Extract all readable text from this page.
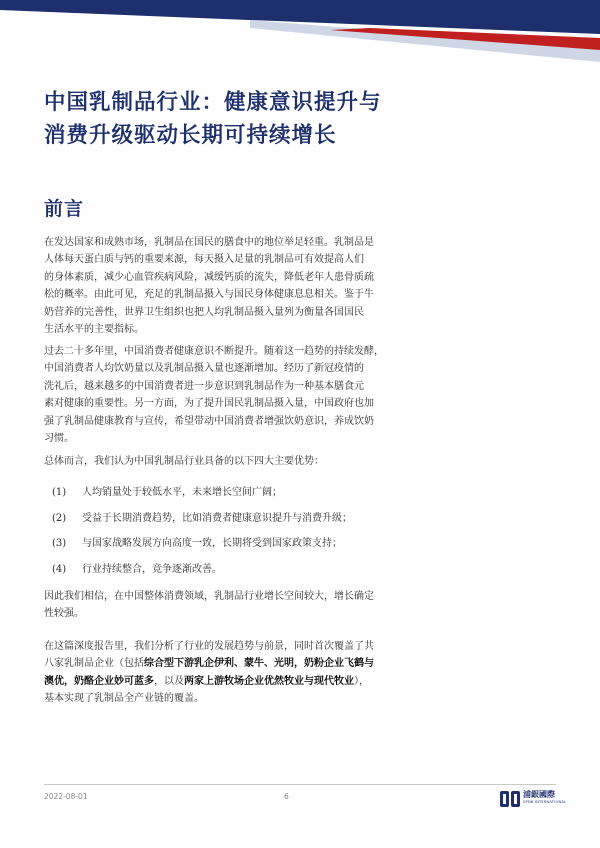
中国乳制品行业：健康意识提升与
消费升级驱动长期可持续增长
前言
在发达国家和成熟市场，乳制品在国民的膳食中的地位举足轻重。乳制品是
人体每天蛋白质与钙的重要来源，每天摄入足量的乳制品可有效提高人们
的身体素质，减少心血管疾病风险，减缓钙质的流失，降低老年人患骨质疏
松的概率。由此可见，充足的乳制品摄入与国民身体健康息息相关。鉴于牛
奶营养的完善性，世界卫生组织也把人均乳制品摄入量列为衡量各国国民
生活水平的主要指标。
过去二十多年里，中国消费者健康意识不断提升。随着这一趋势的持续发酵，
中国消费者人均饮奶量以及乳制品摄入量也逐渐增加。经历了新冠疫情的
洗礼后，越来越多的中国消费者进一步意识到乳制品作为一种基本膳食元
素对健康的重要性。另一方面，为了提升国民乳制品摄入量，中国政府也加
强了乳制品健康教育与宣传，希望带动中国消费者增强饮奶意识，养成饮奶
习惯。
总体而言，我们认为中国乳制品行业具备的以下四大主要优势：
(1) 人均销量处于较低水平，未来增长空间广阔；
(2) 受益于长期消费趋势，比如消费者健康意识提升与消费升级；
(3) 与国家战略发展方向高度一致，长期将受到国家政策支持；
(4) 行业持续整合，竞争逐渐改善。
因此我们相信，在中国整体消费领域，乳制品行业增长空间较大，增长确定
性较强。
在这篇深度报告里，我们分析了行业的发展趋势与前景，同时首次覆盖了共
八家乳制品企业（包括综合型下游乳企伊利、蒙牛、光明，奶粉企业飞鹤与
澳优，奶酪企业妙可蓝多，以及两家上游牧场企业优然牧业与现代牧业），
基本实现了乳制品全产业链的覆盖。
2022-08-01	6	浦銀國際
SPDB INTERNATIONAL
